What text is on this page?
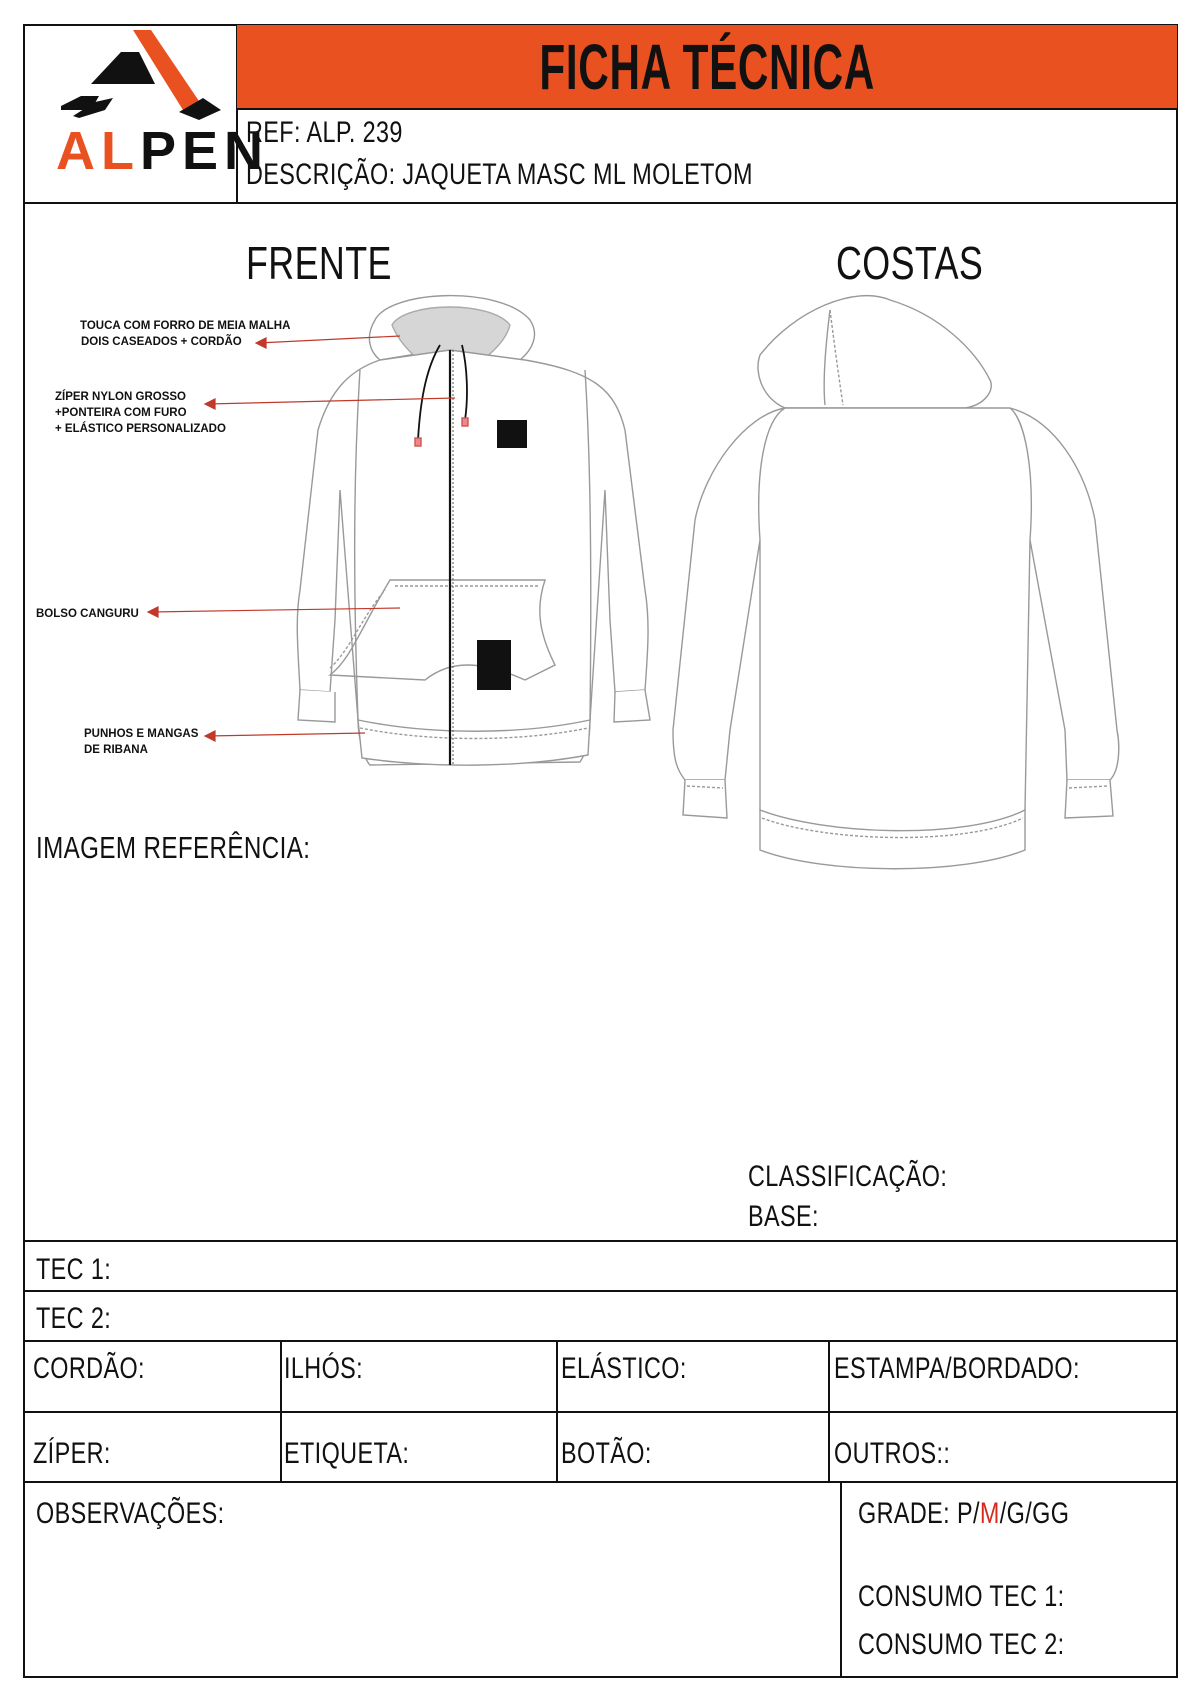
FICHA TÉCNICA
ALPEN
REF: ALP. 239
DESCRIÇÃO: JAQUETA MASC ML MOLETOM
FRENTE	COSTAS
TOUCA COM FORRO DE MEIA MALHA
DOIS CASEADOS + CORDÃO
ZÍPER NYLON GROSSO
+PONTEIRA COM FURO
+ ELÁSTICO PERSONALIZADO
BOLSO CANGURU
PUNHOS E MANGAS
DE RIBANA
IMAGEM REFERÊNCIA:
CLASSIFICAÇÃO:
BASE:
TEC 1:
TEC 2:
CORDÃO:	ILHÓS:	ELÁSTICO:	ESTAMPA/BORDADO:
ZÍPER:	ETIQUETA:	BOTÃO:	OUTROS::
OBSERVAÇÕES:	GRADE: P/M/G/GG
CONSUMO TEC 1:
CONSUMO TEC 2:
